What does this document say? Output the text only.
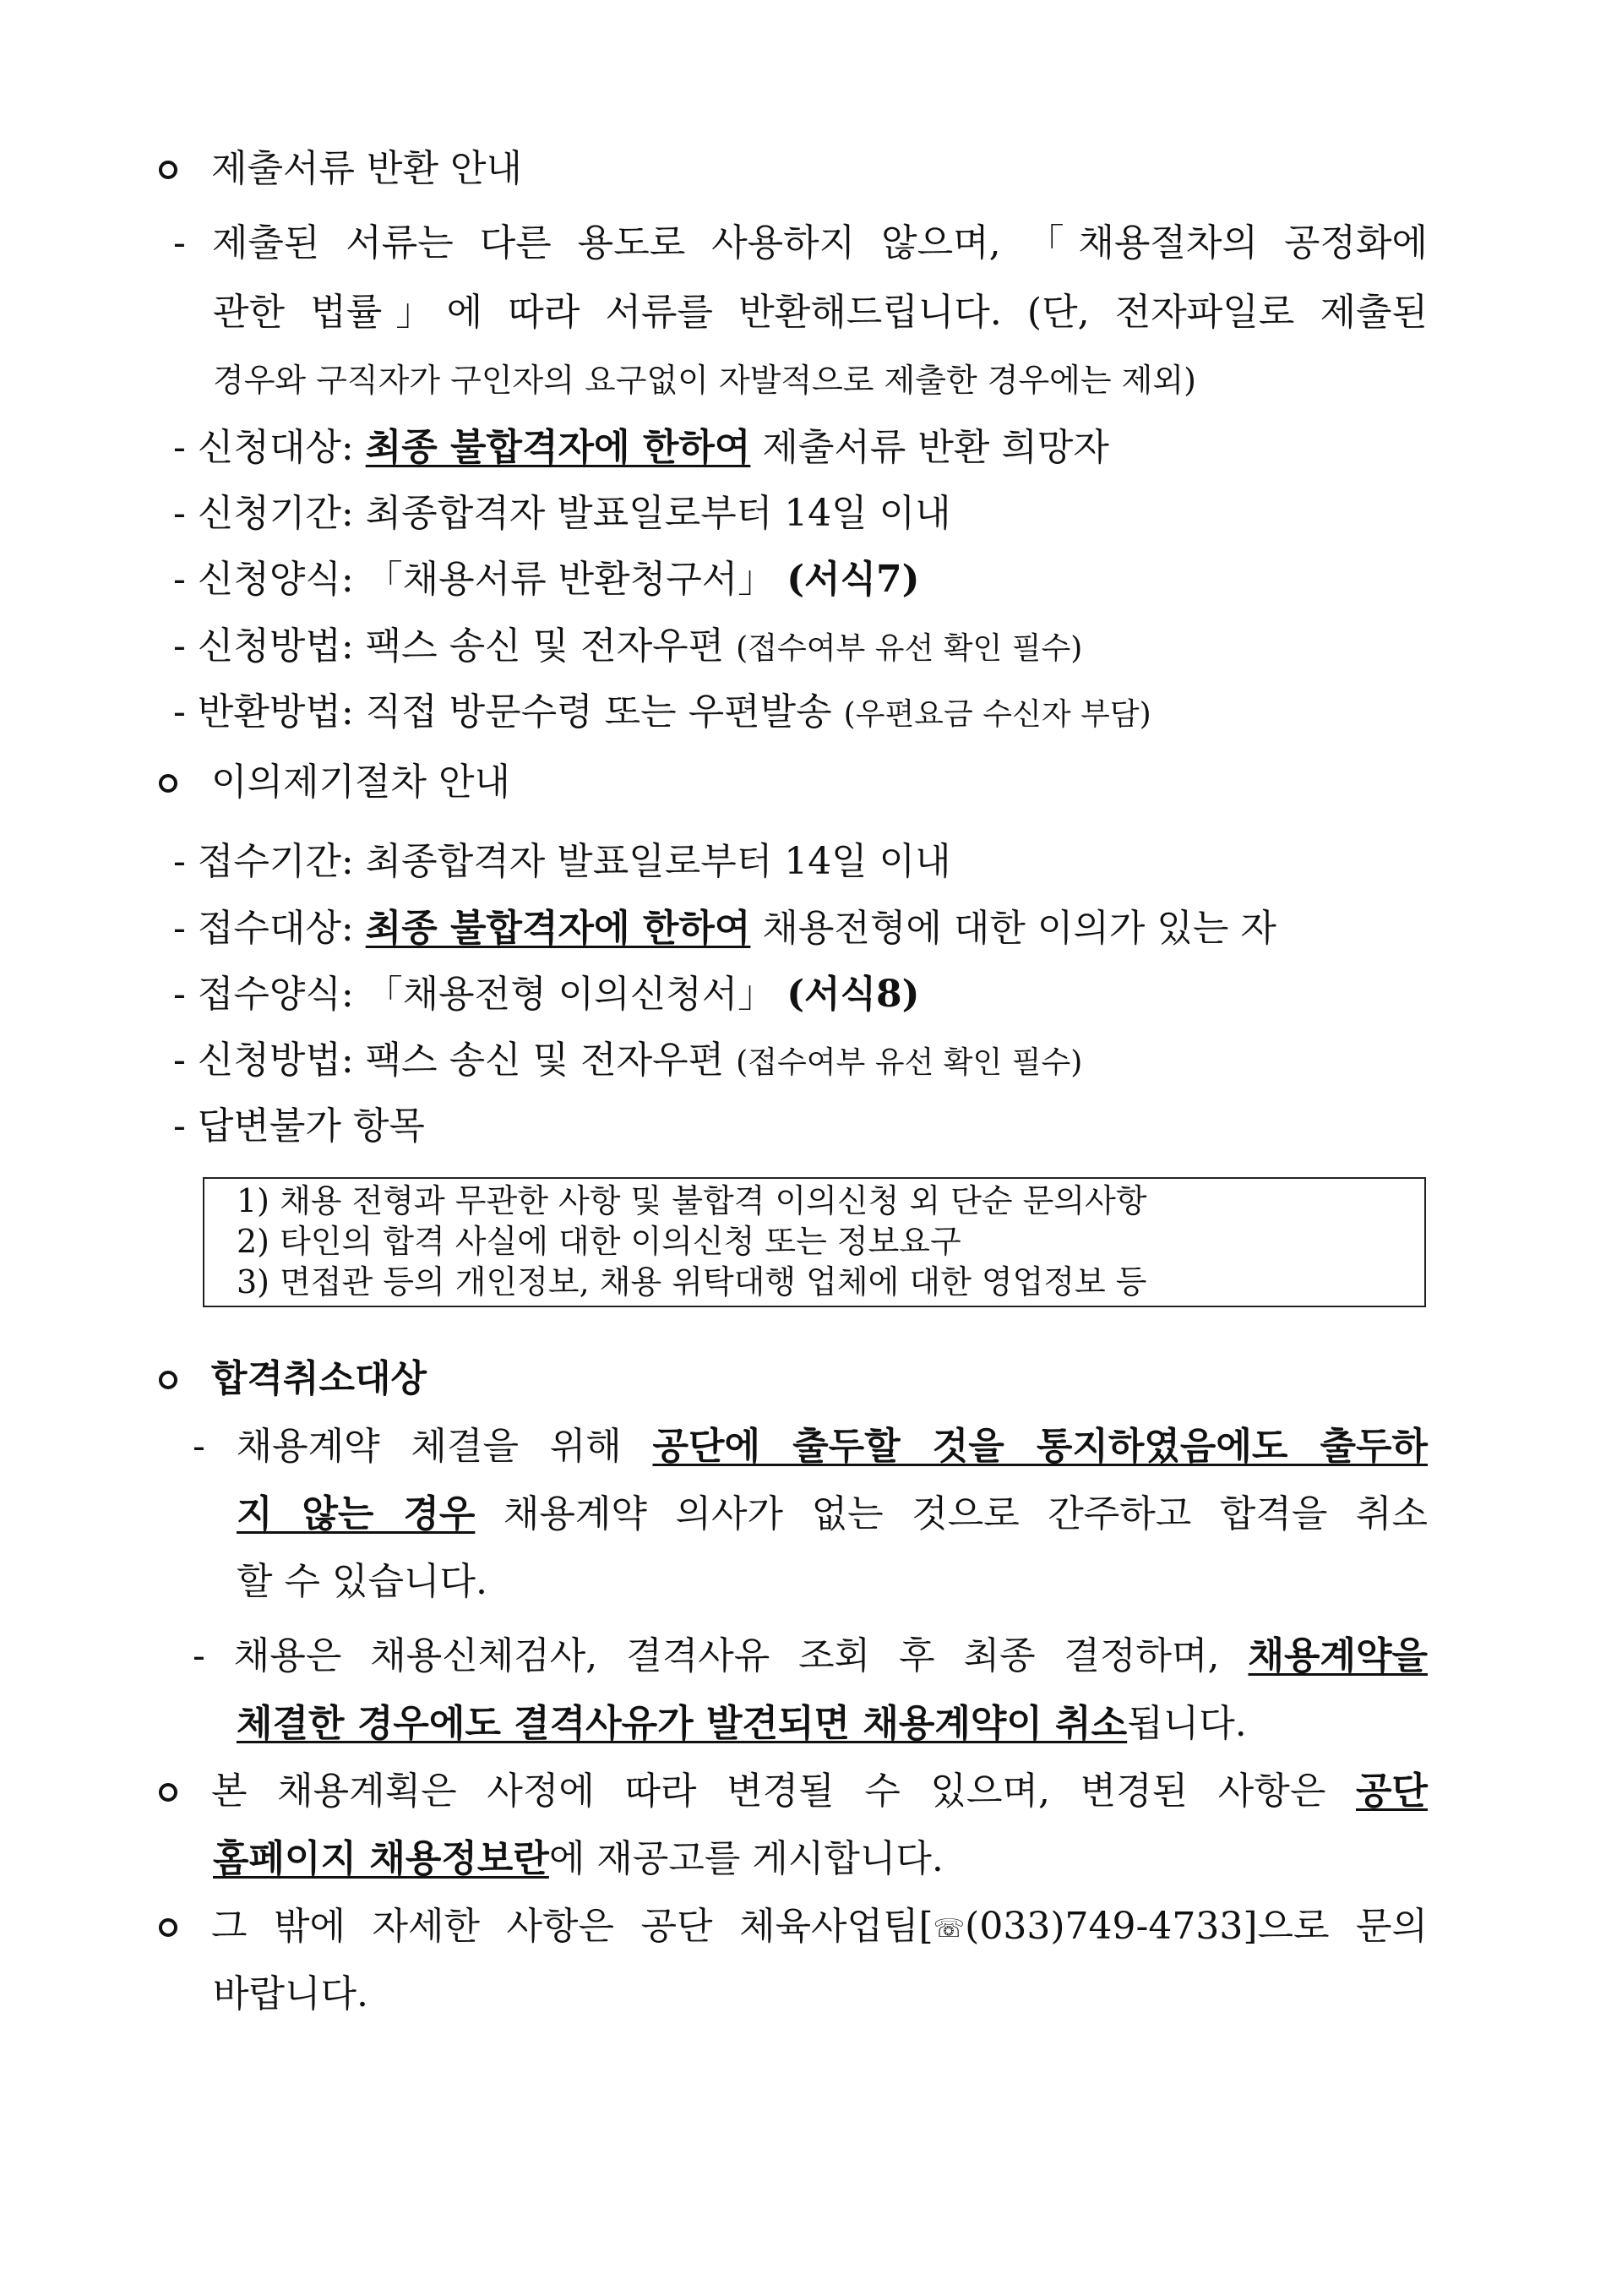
제출서류 반환 안내
- 제출된 서류는 다른 용도로 사용하지 않으며, 「채용절차의 공정화에
관한 법률」에 따라 서류를 반환해드립니다. (단, 전자파일로 제출된
경우와 구직자가 구인자의 요구없이 자발적으로 제출한 경우에는 제외)
- 신청대상: 최종 불합격자에 한하여 제출서류 반환 희망자
- 신청기간: 최종합격자 발표일로부터 14일 이내
- 신청양식: 「채용서류 반환청구서」 (서식7)
- 신청방법: 팩스 송신 및 전자우편 (접수여부 유선 확인 필수)
- 반환방법: 직접 방문수령 또는 우편발송 (우편요금 수신자 부담)
이의제기절차 안내
- 접수기간: 최종합격자 발표일로부터 14일 이내
- 접수대상: 최종 불합격자에 한하여 채용전형에 대한 이의가 있는 자
- 접수양식: 「채용전형 이의신청서」 (서식8)
- 신청방법: 팩스 송신 및 전자우편 (접수여부 유선 확인 필수)
- 답변불가 항목
1) 채용 전형과 무관한 사항 및 불합격 이의신청 외 단순 문의사항
2) 타인의 합격 사실에 대한 이의신청 또는 정보요구
3) 면접관 등의 개인정보, 채용 위탁대행 업체에 대한 영업정보 등
합격취소대상
- 채용계약 체결을 위해 공단에 출두할 것을 통지하였음에도 출두하
지 않는 경우 채용계약 의사가 없는 것으로 간주하고 합격을 취소
할 수 있습니다.
- 채용은 채용신체검사, 결격사유 조회 후 최종 결정하며, 채용계약을
체결한 경우에도 결격사유가 발견되면 채용계약이 취소됩니다.
본 채용계획은 사정에 따라 변경될 수 있으며, 변경된 사항은 공단
홈페이지 채용정보란에 재공고를 게시합니다.
그 밖에 자세한 사항은 공단 체육사업팀[☏(033)749-4733]으로 문의
바랍니다.
